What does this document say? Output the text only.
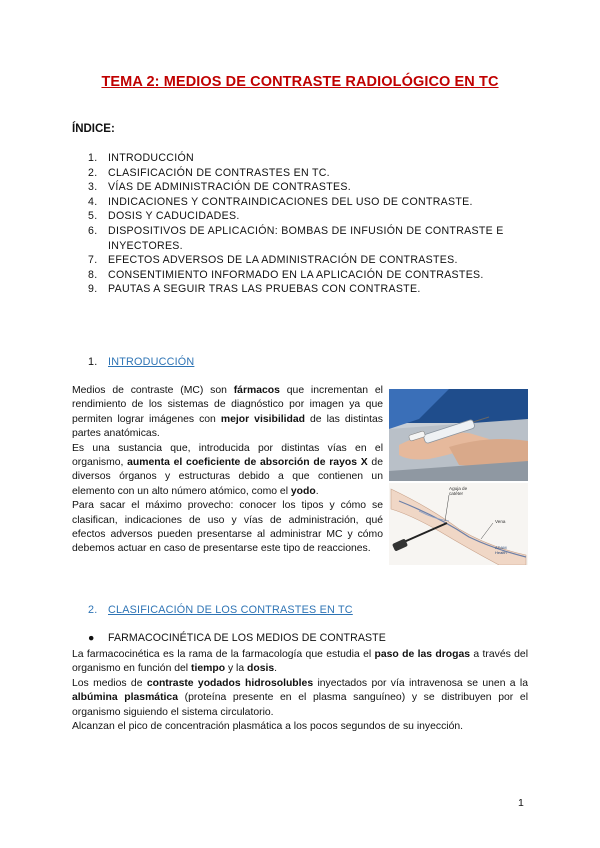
TEMA 2: MEDIOS DE CONTRASTE RADIOLÓGICO EN TC
ÍNDICE:
1. INTRODUCCIÓN
2. CLASIFICACIÓN DE CONTRASTES EN TC.
3. VÍAS DE ADMINISTRACIÓN DE CONTRASTES.
4. INDICACIONES Y CONTRAINDICACIONES DEL USO DE CONTRASTE.
5. DOSIS Y CADUCIDADES.
6. DISPOSITIVOS DE APLICACIÓN: BOMBAS DE INFUSIÓN DE CONTRASTE E
INYECTORES.
7. EFECTOS ADVERSOS DE LA ADMINISTRACIÓN DE CONTRASTES.
8. CONSENTIMIENTO INFORMADO EN LA APLICACIÓN DE CONTRASTES.
9. PAUTAS A SEGUIR TRAS LAS PRUEBAS CON CONTRASTE.
1. INTRODUCCIÓN

Medios de contraste (MC) son fármacos que incrementan el rendimiento de los sistemas de diagnóstico por imagen ya que permiten lograr imágenes con mejor visibilidad de las distintas partes anatómicas.

Es una sustancia que, introducida por distintas vías en el organismo, aumenta el coeficiente de absorción de rayos X de diversos órganos y estructuras debido a que contienen un elemento con un alto número atómico, como el yodo.

Para sacar el máximo provecho: conocer los tipos y cómo se clasifican, indicaciones de uso y vías de administración, qué efectos adversos pueden presentarse al administrar MC y cómo debemos actuar en caso de presentarse este tipo de reacciones.

Aguja de
catéter
Vena
ADAM
Health
2. CLASIFICACIÓN DE LOS CONTRASTES EN TC
● FARMACOCINÉTICA DE LOS MEDIOS DE CONTRASTE

La farmacocinética es la rama de la farmacología que estudia el paso de las drogas a través del organismo en función del tiempo y la dosis.

Los medios de contraste yodados hidrosolubles inyectados por vía intravenosa se unen a la albúmina plasmática (proteína presente en el plasma sanguíneo) y se distribuyen por el organismo siguiendo el sistema circulatorio.

Alcanzan el pico de concentración plasmática a los pocos segundos de su inyección.

1
